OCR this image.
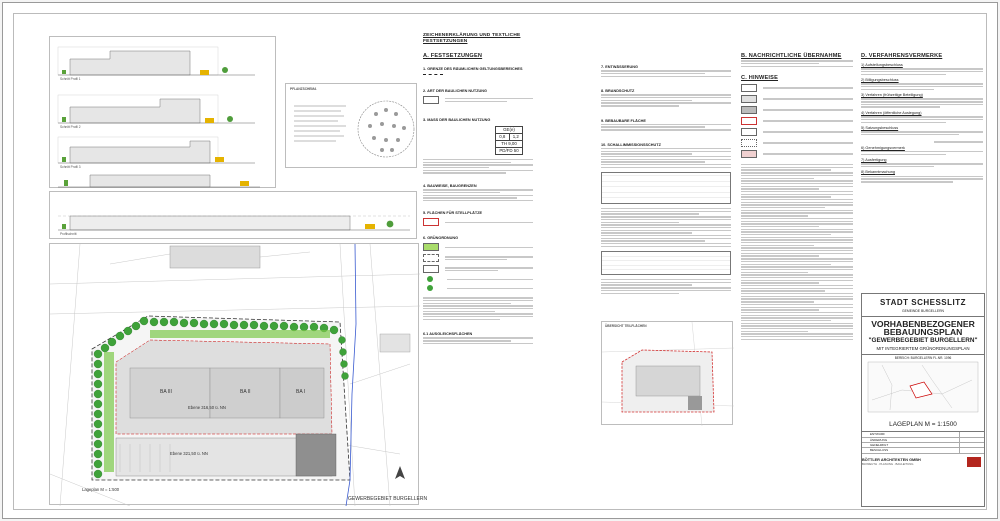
Schnitt Profil 1
Schnitt Profil 2
Schnitt Profil 3
PFLANZSCHEMA
Profilschnitt
BA III	BA II	BA I
Ebene 316,50 ü. NN
Ebene 321,50 ü. NN
Lageplan M = 1:500
GEWERBEGEBIET BURGELLERN
ZEICHENERKLÄRUNG UND TEXTLICHE FESTSETZUNGEN
A. FESTSETZUNGEN
1. GRENZE DES RÄUMLICHEN GELTUNGSBEREICHES
2. ART DER BAULICHEN NUTZUNG
3. MASS DER BAULICHEN NUTZUNG
GE(e)
0,8	1,2
TH 9,00
PD/FD 50
4. BAUWEISE, BAUGRENZEN
5. FLÄCHEN FÜR STELLPLÄTZE
6. GRÜNORDNUNG
6.1 AUSGLEICHSFLÄCHEN
7. ENTWÄSSERUNG
8. BRANDSCHUTZ
9. BEBAUBARE FLÄCHE
10. SCHALLIMMISSIONSSCHUTZ
ÜBERSICHT TEILFLÄCHEN
B. NACHRICHTLICHE ÜBERNAHME
C. HINWEISE
D. VERFAHRENSVERMERKE
1) Aufstellungsbeschluss
2) Billigungsbeschluss
3) Verfahren (frühzeitige Beteiligung)
4) Verfahren (öffentliche Auslegung)
5) Satzungsbeschluss
6) Genehmigungsvermerk
7) Ausfertigung
8) Bekanntmachung
STADT SCHESSLITZ
GEMEINDE BURGELLERN
VORHABENBEZOGENER
BEBAUUNGSPLAN
"GEWERBEGEBIET BURGELLERN"
MIT INTEGRIERTEM GRÜNORDNUNGSPLAN
BEREICH: BURGELLERN FL.NR. 1096
LAGEPLAN M = 1:1500
ENTWURF
ÄNDERUNG
GENEHMIGT
BESCHLUSS
BÖTTLER ARCHITEKTEN GMBH
BAYREUTH · PLANUNG · BAULEITUNG
